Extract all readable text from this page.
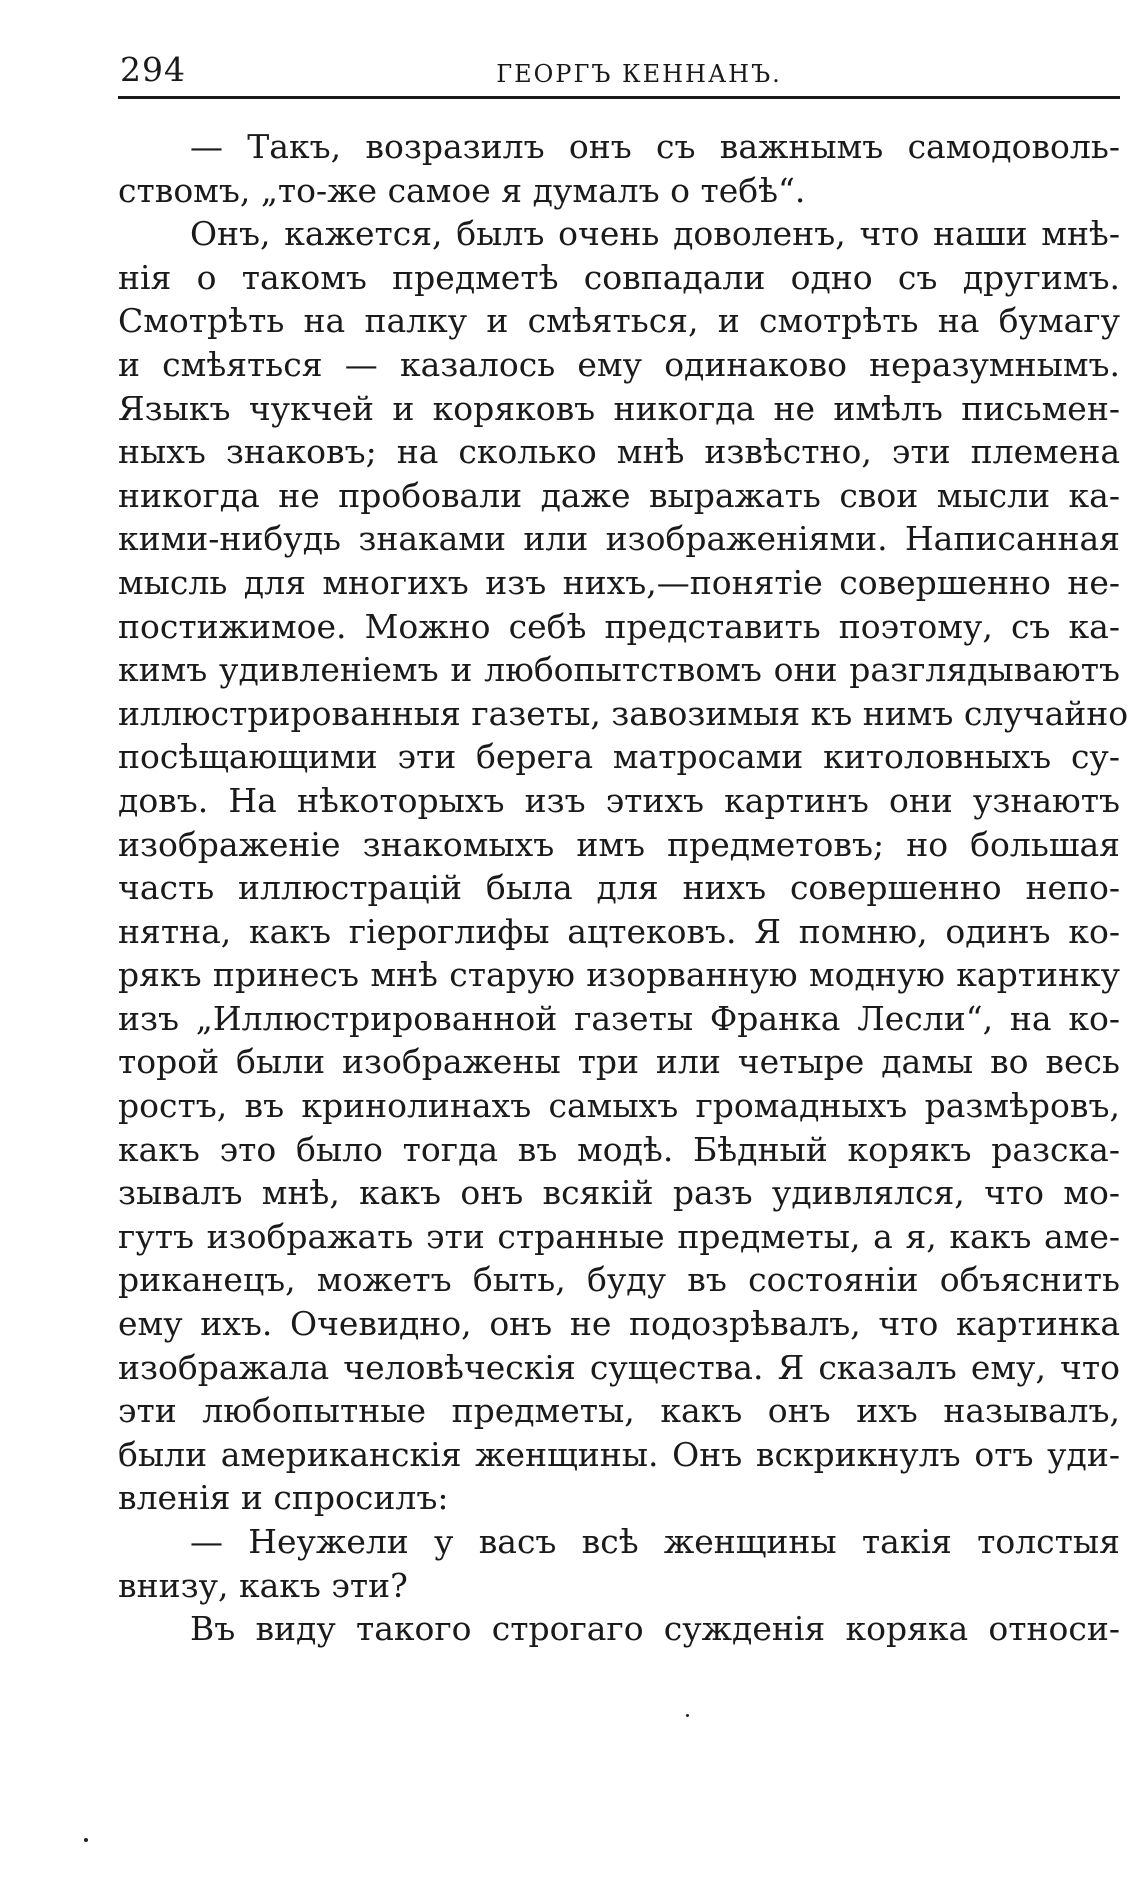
294	ГЕОРГЪ КЕННАНЪ.

— Такъ, возразилъ онъ съ важнымъ самодоволь-
ствомъ, „то-же самое я думалъ о тебѣ“.

Онъ, кажется, былъ очень доволенъ, что наши мнѣ-
нія о такомъ предметѣ совпадали одно съ другимъ.
Смотрѣть на палку и смѣяться, и смотрѣть на бумагу
и смѣяться — казалось ему одинаково неразумнымъ.
Языкъ чукчей и коряковъ никогда не имѣлъ письмен-
ныхъ знаковъ; на сколько мнѣ извѣстно, эти племена
никогда не пробовали даже выражать свои мысли ка-
кими-нибудь знаками или изображеніями. Написанная
мысль для многихъ изъ нихъ,—понятіе совершенно не-
постижимое. Можно себѣ представить поэтому, съ ка-
кимъ удивленіемъ и любопытствомъ они разглядываютъ
иллюстрированныя газеты, завозимыя къ нимъ случайно
посѣщающими эти берега матросами китоловныхъ су-
довъ. На нѣкоторыхъ изъ этихъ картинъ они узнаютъ
изображеніе знакомыхъ имъ предметовъ; но большая
часть иллюстрацій была для нихъ совершенно непо-
нятна, какъ гіероглифы ацтековъ. Я помню, одинъ ко-
рякъ принесъ мнѣ старую изорванную модную картинку
изъ „Иллюстрированной газеты Франка Лесли“, на ко-
торой были изображены три или четыре дамы во весь
ростъ, въ кринолинахъ самыхъ громадныхъ размѣровъ,
какъ это было тогда въ модѣ. Бѣдный корякъ разска-
зывалъ мнѣ, какъ онъ всякій разъ удивлялся, что мо-
гутъ изображать эти странные предметы, а я, какъ аме-
риканецъ, можетъ быть, буду въ состояніи объяснить
ему ихъ. Очевидно, онъ не подозрѣвалъ, что картинка
изображала человѣческія существа. Я сказалъ ему, что
эти любопытные предметы, какъ онъ ихъ называлъ,
были американскія женщины. Онъ вскрикнулъ отъ уди-
вленія и спросилъ:

— Неужели у васъ всѣ женщины такія толстыя
внизу, какъ эти?

Въ виду такого строгаго сужденія коряка относи-
